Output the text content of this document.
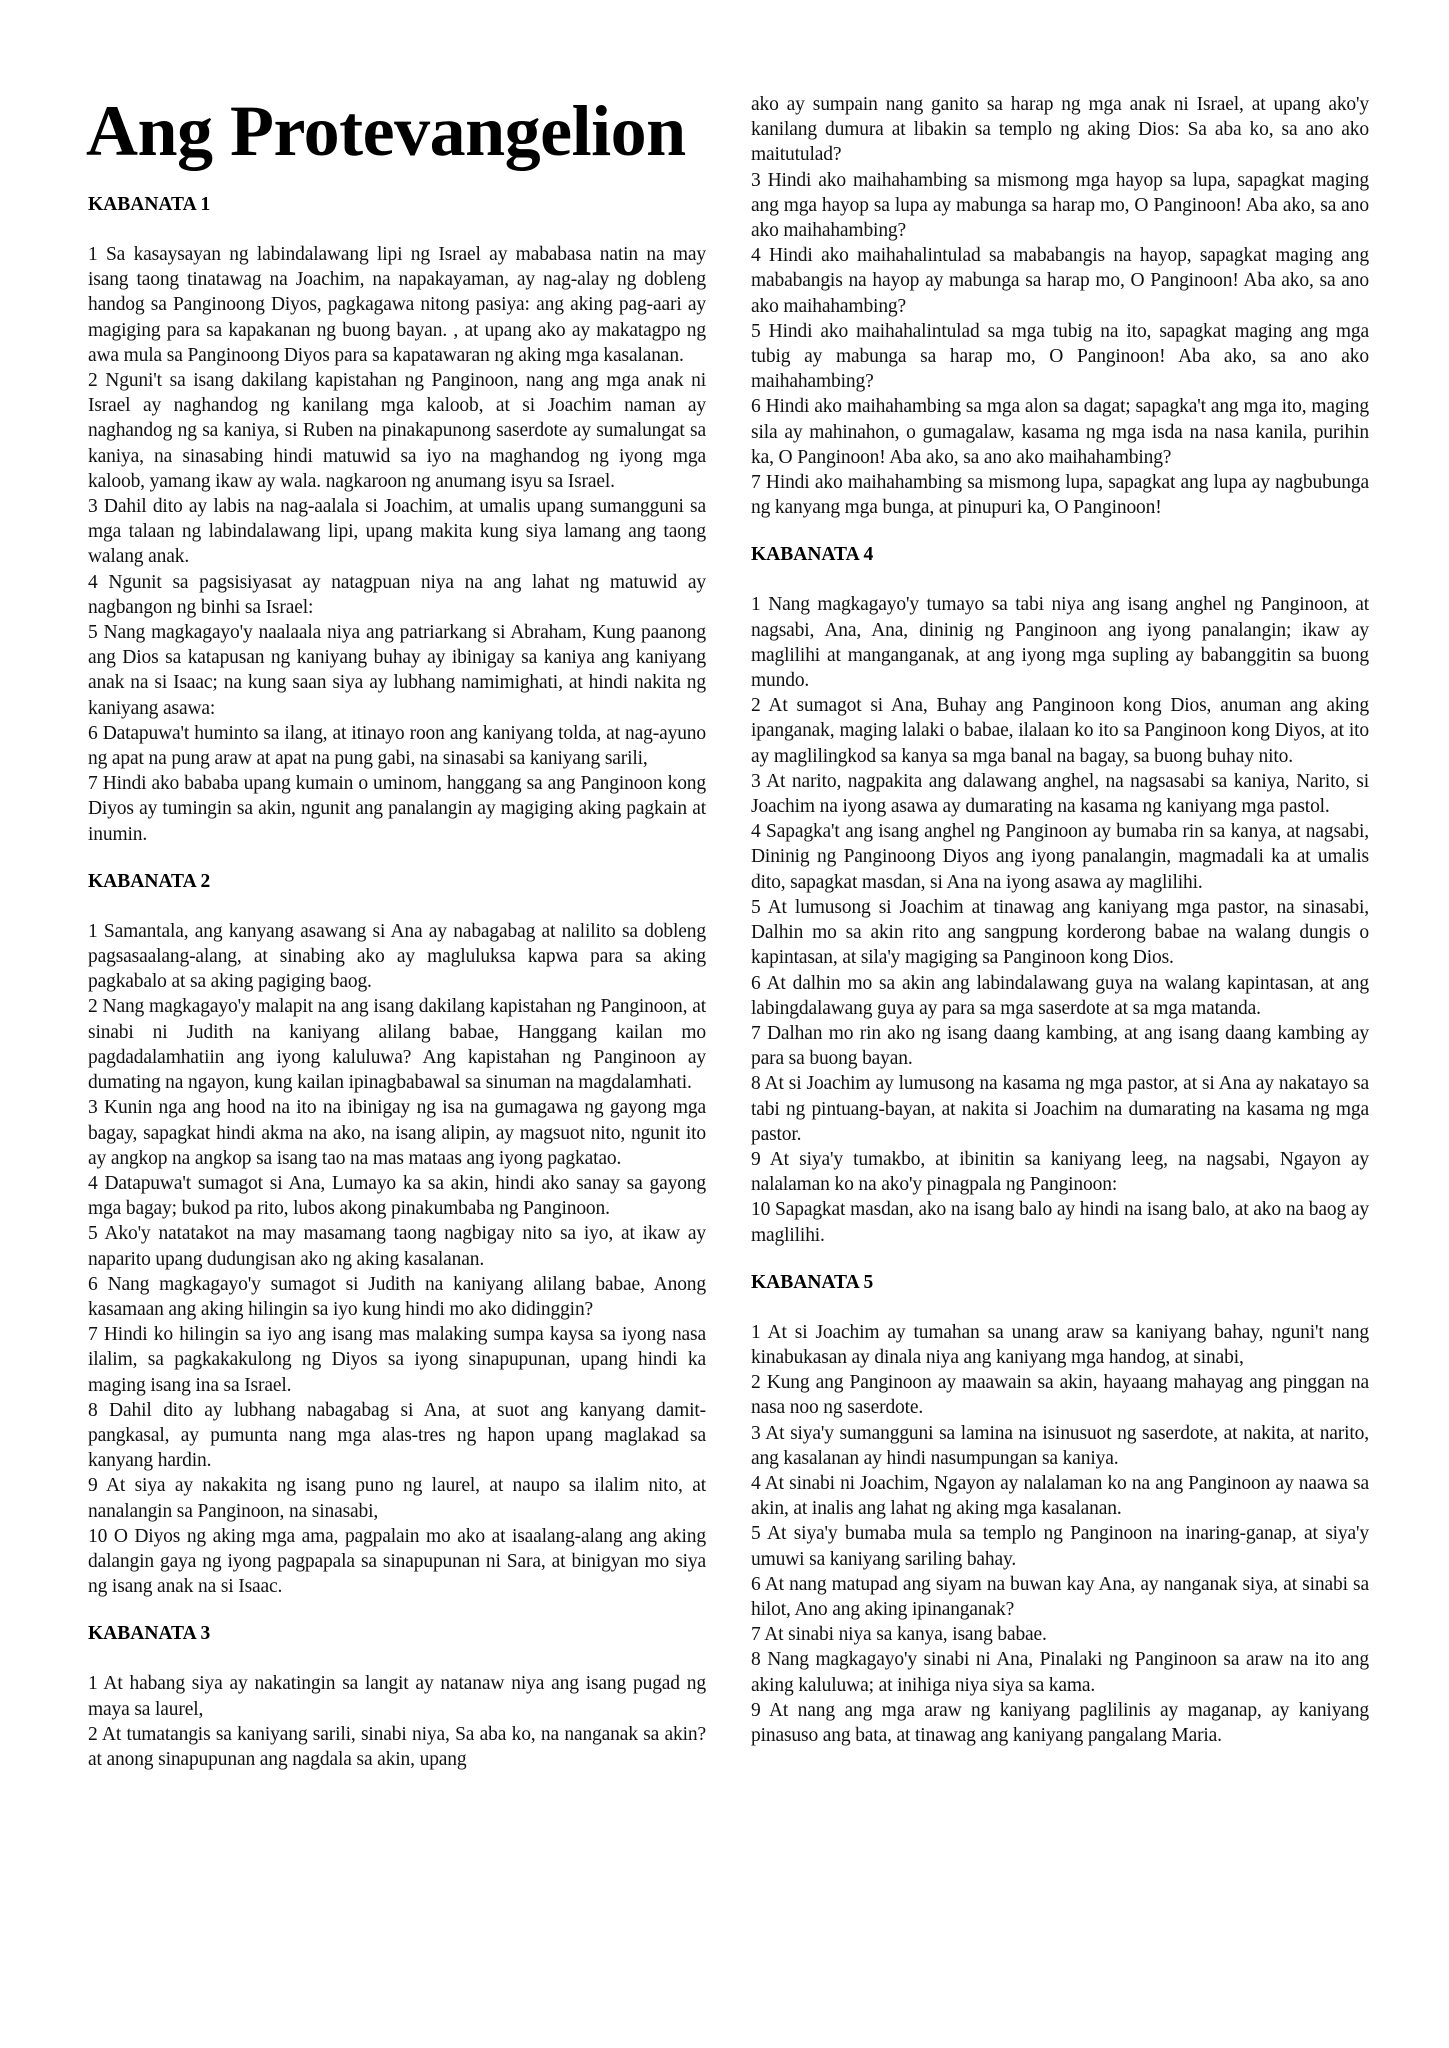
Ang Protevangelion
KABANATA 1

1 Sa kasaysayan ng labindalawang lipi ng Israel ay mababasa natin na may isang taong tinatawag na Joachim, na napakayaman, ay nag-alay ng dobleng handog sa Panginoong Diyos, pagkagawa nitong pasiya: ang aking pag-aari ay magiging para sa kapakanan ng buong bayan. , at upang ako ay makatagpo ng awa mula sa Panginoong Diyos para sa kapatawaran ng aking mga kasalanan.

2 Nguni't sa isang dakilang kapistahan ng Panginoon, nang ang mga anak ni Israel ay naghandog ng kanilang mga kaloob, at si Joachim naman ay naghandog ng sa kaniya, si Ruben na pinakapunong saserdote ay sumalungat sa kaniya, na sinasabing hindi matuwid sa iyo na maghandog ng iyong mga kaloob, yamang ikaw ay wala. nagkaroon ng anumang isyu sa Israel.

3 Dahil dito ay labis na nag-aalala si Joachim, at umalis upang sumangguni sa mga talaan ng labindalawang lipi, upang makita kung siya lamang ang taong walang anak.

4 Ngunit sa pagsisiyasat ay natagpuan niya na ang lahat ng matuwid ay nagbangon ng binhi sa Israel:

5 Nang magkagayo'y naalaala niya ang patriarkang si Abraham, Kung paanong ang Dios sa katapusan ng kaniyang buhay ay ibinigay sa kaniya ang kaniyang anak na si Isaac; na kung saan siya ay lubhang namimighati, at hindi nakita ng kaniyang asawa:

6 Datapuwa't huminto sa ilang, at itinayo roon ang kaniyang tolda, at nag-ayuno ng apat na pung araw at apat na pung gabi, na sinasabi sa kaniyang sarili,

7 Hindi ako bababa upang kumain o uminom, hanggang sa ang Panginoon kong Diyos ay tumingin sa akin, ngunit ang panalangin ay magiging aking pagkain at inumin.

KABANATA 2

1 Samantala, ang kanyang asawang si Ana ay nabagabag at nalilito sa dobleng pagsasaalang-alang, at sinabing ako ay magluluksa kapwa para sa aking pagkabalo at sa aking pagiging baog.

2 Nang magkagayo'y malapit na ang isang dakilang kapistahan ng Panginoon, at sinabi ni Judith na kaniyang alilang babae, Hanggang kailan mo pagdadalamhatiin ang iyong kaluluwa? Ang kapistahan ng Panginoon ay dumating na ngayon, kung kailan ipinagbabawal sa sinuman na magdalamhati.

3 Kunin nga ang hood na ito na ibinigay ng isa na gumagawa ng gayong mga bagay, sapagkat hindi akma na ako, na isang alipin, ay magsuot nito, ngunit ito ay angkop na angkop sa isang tao na mas mataas ang iyong pagkatao.

4 Datapuwa't sumagot si Ana, Lumayo ka sa akin, hindi ako sanay sa gayong mga bagay; bukod pa rito, lubos akong pinakumbaba ng Panginoon.

5 Ako'y natatakot na may masamang taong nagbigay nito sa iyo, at ikaw ay naparito upang dudungisan ako ng aking kasalanan.

6 Nang magkagayo'y sumagot si Judith na kaniyang alilang babae, Anong kasamaan ang aking hilingin sa iyo kung hindi mo ako didinggin?

7 Hindi ko hilingin sa iyo ang isang mas malaking sumpa kaysa sa iyong nasa ilalim, sa pagkakakulong ng Diyos sa iyong sinapupunan, upang hindi ka maging isang ina sa Israel.

8 Dahil dito ay lubhang nabagabag si Ana, at suot ang kanyang damit-pangkasal, ay pumunta nang mga alas-tres ng hapon upang maglakad sa kanyang hardin.

9 At siya ay nakakita ng isang puno ng laurel, at naupo sa ilalim nito, at nanalangin sa Panginoon, na sinasabi,

10 O Diyos ng aking mga ama, pagpalain mo ako at isaalang-alang ang aking dalangin gaya ng iyong pagpapala sa sinapupunan ni Sara, at binigyan mo siya ng isang anak na si Isaac.

KABANATA 3

1 At habang siya ay nakatingin sa langit ay natanaw niya ang isang pugad ng maya sa laurel,

2 At tumatangis sa kaniyang sarili, sinabi niya, Sa aba ko, na nanganak sa akin? at anong sinapupunan ang nagdala sa akin, upang

ako ay sumpain nang ganito sa harap ng mga anak ni Israel, at upang ako'y kanilang dumura at libakin sa templo ng aking Dios: Sa aba ko, sa ano ako maitutulad?

3 Hindi ako maihahambing sa mismong mga hayop sa lupa, sapagkat maging ang mga hayop sa lupa ay mabunga sa harap mo, O Panginoon! Aba ako, sa ano ako maihahambing?

4 Hindi ako maihahalintulad sa mababangis na hayop, sapagkat maging ang mababangis na hayop ay mabunga sa harap mo, O Panginoon! Aba ako, sa ano ako maihahambing?

5 Hindi ako maihahalintulad sa mga tubig na ito, sapagkat maging ang mga tubig ay mabunga sa harap mo, O Panginoon! Aba ako, sa ano ako maihahambing?

6 Hindi ako maihahambing sa mga alon sa dagat; sapagka't ang mga ito, maging sila ay mahinahon, o gumagalaw, kasama ng mga isda na nasa kanila, purihin ka, O Panginoon! Aba ako, sa ano ako maihahambing?

7 Hindi ako maihahambing sa mismong lupa, sapagkat ang lupa ay nagbubunga ng kanyang mga bunga, at pinupuri ka, O Panginoon!

KABANATA 4

1 Nang magkagayo'y tumayo sa tabi niya ang isang anghel ng Panginoon, at nagsabi, Ana, Ana, dininig ng Panginoon ang iyong panalangin; ikaw ay maglilihi at manganganak, at ang iyong mga supling ay babanggitin sa buong mundo.

2 At sumagot si Ana, Buhay ang Panginoon kong Dios, anuman ang aking ipanganak, maging lalaki o babae, ilalaan ko ito sa Panginoon kong Diyos, at ito ay maglilingkod sa kanya sa mga banal na bagay, sa buong buhay nito.

3 At narito, nagpakita ang dalawang anghel, na nagsasabi sa kaniya, Narito, si Joachim na iyong asawa ay dumarating na kasama ng kaniyang mga pastol.

4 Sapagka't ang isang anghel ng Panginoon ay bumaba rin sa kanya, at nagsabi, Dininig ng Panginoong Diyos ang iyong panalangin, magmadali ka at umalis dito, sapagkat masdan, si Ana na iyong asawa ay maglilihi.

5 At lumusong si Joachim at tinawag ang kaniyang mga pastor, na sinasabi, Dalhin mo sa akin rito ang sangpung korderong babae na walang dungis o kapintasan, at sila'y magiging sa Panginoon kong Dios.

6 At dalhin mo sa akin ang labindalawang guya na walang kapintasan, at ang labingdalawang guya ay para sa mga saserdote at sa mga matanda.

7 Dalhan mo rin ako ng isang daang kambing, at ang isang daang kambing ay para sa buong bayan.

8 At si Joachim ay lumusong na kasama ng mga pastor, at si Ana ay nakatayo sa tabi ng pintuang-bayan, at nakita si Joachim na dumarating na kasama ng mga pastor.

9 At siya'y tumakbo, at ibinitin sa kaniyang leeg, na nagsabi, Ngayon ay nalalaman ko na ako'y pinagpala ng Panginoon:

10 Sapagkat masdan, ako na isang balo ay hindi na isang balo, at ako na baog ay maglilihi.

KABANATA 5

1 At si Joachim ay tumahan sa unang araw sa kaniyang bahay, nguni't nang kinabukasan ay dinala niya ang kaniyang mga handog, at sinabi,

2 Kung ang Panginoon ay maawain sa akin, hayaang mahayag ang pinggan na nasa noo ng saserdote.

3 At siya'y sumangguni sa lamina na isinusuot ng saserdote, at nakita, at narito, ang kasalanan ay hindi nasumpungan sa kaniya.

4 At sinabi ni Joachim, Ngayon ay nalalaman ko na ang Panginoon ay naawa sa akin, at inalis ang lahat ng aking mga kasalanan.

5 At siya'y bumaba mula sa templo ng Panginoon na inaring-ganap, at siya'y umuwi sa kaniyang sariling bahay.

6 At nang matupad ang siyam na buwan kay Ana, ay nanganak siya, at sinabi sa hilot, Ano ang aking ipinanganak?

7 At sinabi niya sa kanya, isang babae.

8 Nang magkagayo'y sinabi ni Ana, Pinalaki ng Panginoon sa araw na ito ang aking kaluluwa; at inihiga niya siya sa kama.

9 At nang ang mga araw ng kaniyang paglilinis ay maganap, ay kaniyang pinasuso ang bata, at tinawag ang kaniyang pangalang Maria.
